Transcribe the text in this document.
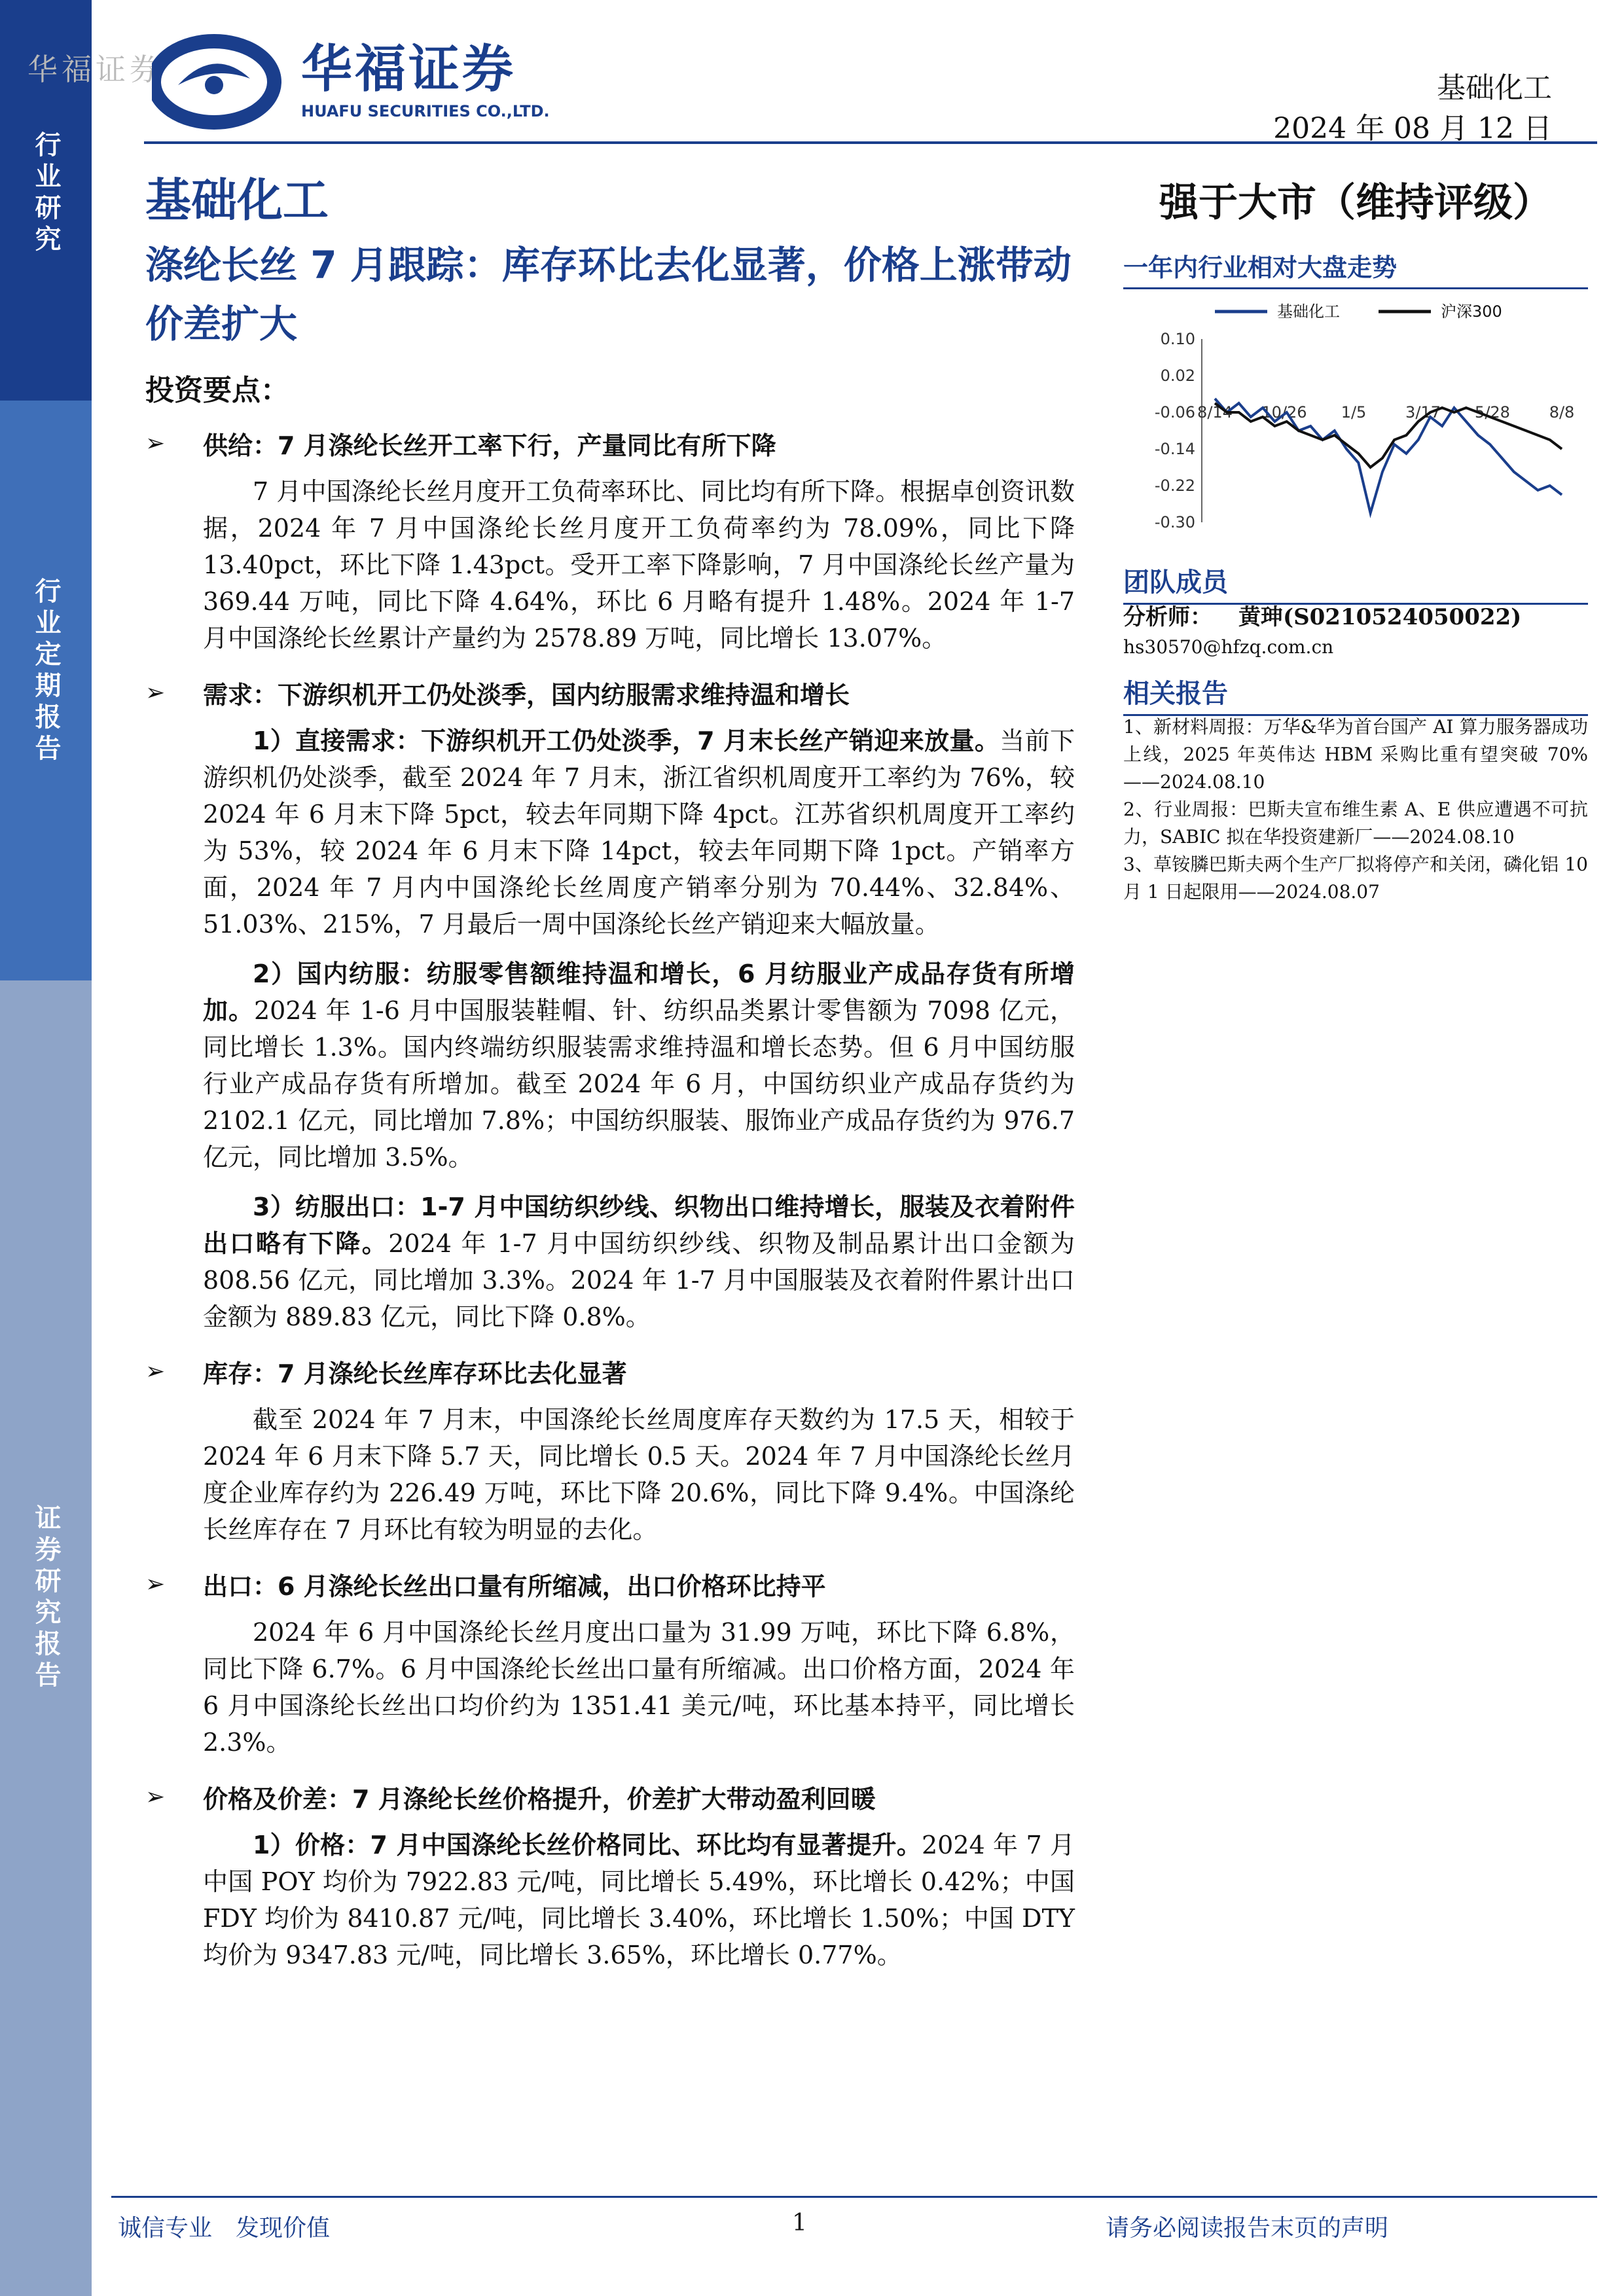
行业研究
行业定期报告
证券研究报告
华福证券	华福证券
HUAFU SECURITIES CO.,LTD.
基础化工
2024 年 08 月 12 日
基础化工
涤纶长丝 7 月跟踪：库存环比去化显著，价格上涨带动价差扩大
投资要点：
➢	供给：7 月涤纶长丝开工率下行，产量同比有所下降
7 月中国涤纶长丝月度开工负荷率环比、同比均有所下降。根据卓创资讯数据，2024 年 7 月中国涤纶长丝月度开工负荷率约为 78.09%，同比下降 13.40pct，环比下降 1.43pct。受开工率下降影响，7 月中国涤纶长丝产量为 369.44 万吨，同比下降 4.64%，环比 6 月略有提升 1.48%。2024 年 1-7 月中国涤纶长丝累计产量约为 2578.89 万吨，同比增长 13.07%。
➢	需求：下游织机开工仍处淡季，国内纺服需求维持温和增长
1）直接需求：下游织机开工仍处淡季，7 月末长丝产销迎来放量。当前下游织机仍处淡季，截至 2024 年 7 月末，浙江省织机周度开工率约为 76%，较 2024 年 6 月末下降 5pct，较去年同期下降 4pct。江苏省织机周度开工率约为 53%，较 2024 年 6 月末下降 14pct，较去年同期下降 1pct。产销率方面，2024 年 7 月内中国涤纶长丝周度产销率分别为 70.44%、32.84%、51.03%、215%，7 月最后一周中国涤纶长丝产销迎来大幅放量。
2）国内纺服：纺服零售额维持温和增长，6 月纺服业产成品存货有所增加。2024 年 1-6 月中国服装鞋帽、针、纺织品类累计零售额为 7098 亿元，同比增长 1.3%。国内终端纺织服装需求维持温和增长态势。但 6 月中国纺服行业产成品存货有所增加。截至 2024 年 6 月，中国纺织业产成品存货约为 2102.1 亿元，同比增加 7.8%；中国纺织服装、服饰业产成品存货约为 976.7 亿元，同比增加 3.5%。
3）纺服出口：1-7 月中国纺织纱线、织物出口维持增长，服装及衣着附件出口略有下降。2024 年 1-7 月中国纺织纱线、织物及制品累计出口金额为 808.56 亿元，同比增加 3.3%。2024 年 1-7 月中国服装及衣着附件累计出口金额为 889.83 亿元，同比下降 0.8%。
➢	库存：7 月涤纶长丝库存环比去化显著
截至 2024 年 7 月末，中国涤纶长丝周度库存天数约为 17.5 天，相较于 2024 年 6 月末下降 5.7 天，同比增长 0.5 天。2024 年 7 月中国涤纶长丝月度企业库存约为 226.49 万吨，环比下降 20.6%，同比下降 9.4%。中国涤纶长丝库存在 7 月环比有较为明显的去化。
➢	出口：6 月涤纶长丝出口量有所缩减，出口价格环比持平
2024 年 6 月中国涤纶长丝月度出口量为 31.99 万吨，环比下降 6.8%，同比下降 6.7%。6 月中国涤纶长丝出口量有所缩减。出口价格方面，2024 年 6 月中国涤纶长丝出口均价约为 1351.41 美元/吨，环比基本持平，同比增长 2.3%。
➢	价格及价差：7 月涤纶长丝价格提升，价差扩大带动盈利回暖
1）价格：7 月中国涤纶长丝价格同比、环比均有显著提升。2024 年 7 月中国 POY 均价为 7922.83 元/吨，同比增长 5.49%，环比增长 0.42%；中国 FDY 均价为 8410.87 元/吨，同比增长 3.40%，环比增长 1.50%；中国 DTY 均价为 9347.83 元/吨，同比增长 3.65%，环比增长 0.77%。
强于大市（维持评级）
一年内行业相对大盘走势
基础化工	沪深300
0.10
0.02
-0.06
-0.14
-0.22
-0.30
8/14 10/26 1/5 3/17 5/28 8/8
团队成员
分析师： 黄珅(S0210524050022)
hs30570@hfzq.com.cn
相关报告
1、新材料周报：万华&华为首台国产 AI 算力服务器成功上线，2025 年英伟达 HBM 采购比重有望突破 70%——2024.08.10
2、行业周报：巴斯夫宣布维生素 A、E 供应遭遇不可抗力，SABIC 拟在华投资建新厂——2024.08.10
3、草铵膦巴斯夫两个生产厂拟将停产和关闭，磷化铝 10 月 1 日起限用——2024.08.07
诚信专业　发现价值	1	请务必阅读报告末页的声明
